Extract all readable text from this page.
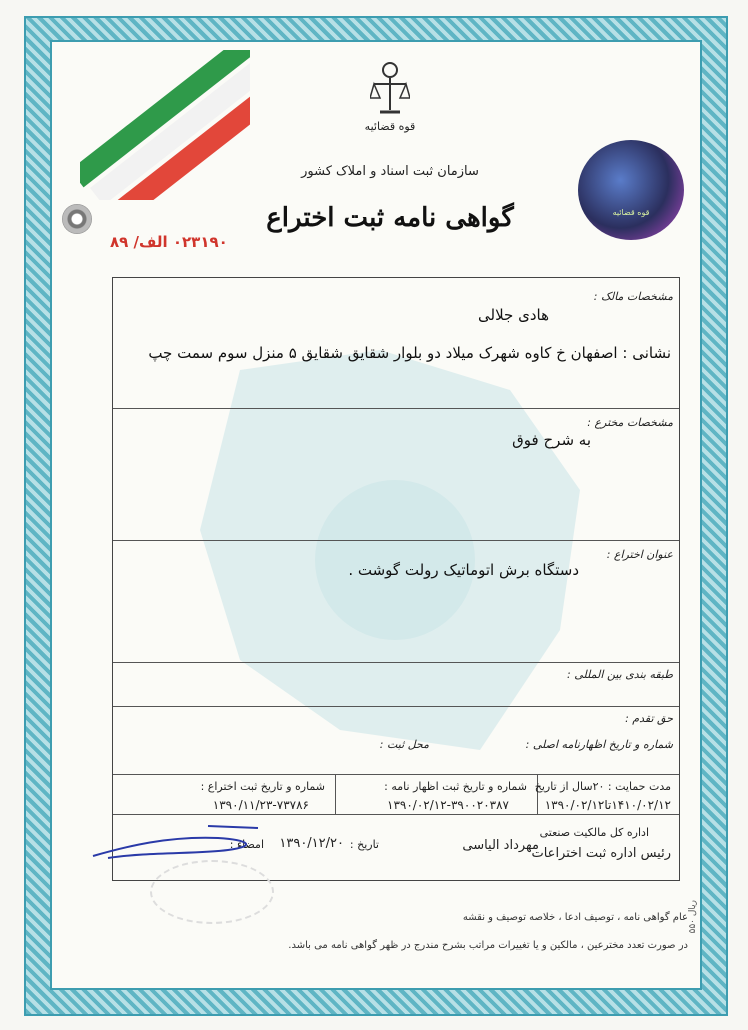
قوه قضائیه
سازمان ثبت اسناد و املاک کشور
گواهی نامه ثبت اختراع
۰۲۳۱۹۰ الف/ ۸۹
قوه قضائیه
مشخصات مالک :
هادی جلالی
نشانی : اصفهان خ کاوه شهرک میلاد دو بلوار شقایق شقایق ۵ منزل سوم سمت چپ
مشخصات مخترع :
به شرح فوق
عنوان اختراع :
دستگاه برش اتوماتیک رولت گوشت .
طبقه بندی بین المللی :
حق تقدم :
شماره و تاریخ اظهارنامه اصلی :
محل ثبت :
مدت حمایت : ۲۰سال از تاریخ
۱۴۱۰/۰۲/۱۲تا۱۳۹۰/۰۲/۱۲
شماره و تاریخ ثبت اظهار نامه :
۱۳۹۰/۰۲/۱۲-۳۹۰۰۲۰۳۸۷
شماره و تاریخ ثبت اختراع :
۱۳۹۰/۱۱/۲۳-۷۳۷۸۶
اداره کل مالکیت صنعتی
رئیس اداره ثبت اختراعات
مهرداد الیاسی
تاریخ :
۱۳۹۰/۱۲/۲۰
امضاء :
عام گواهی نامه ، توصیف ادعا ، خلاصه توصیف و نقشه
در صورت تعدد مخترعین ، مالکین و یا تغییرات مراتب بشرح مندرج در ظهر گواهی نامه می باشد.
ریال ۵۵۰
